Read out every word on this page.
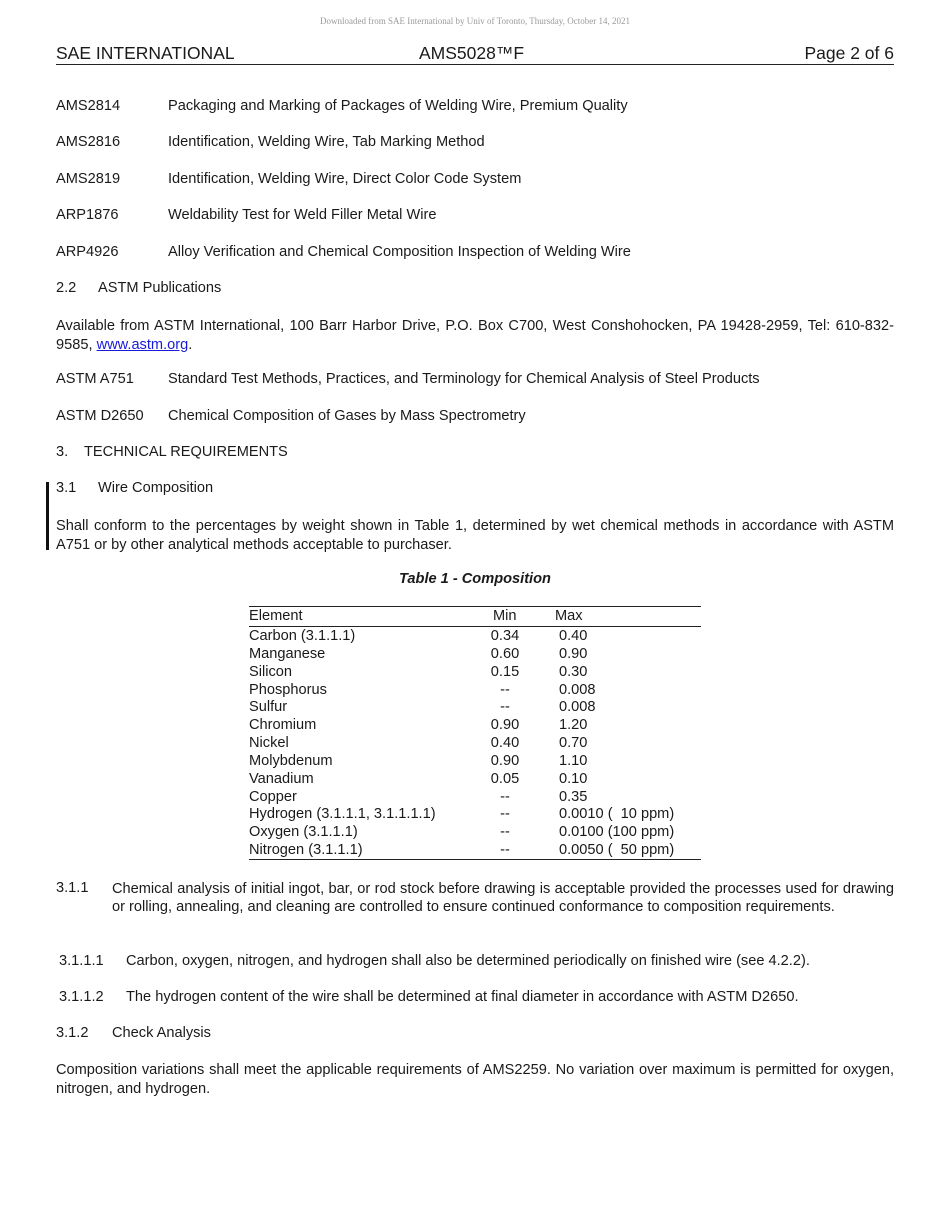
Downloaded from SAE International by Univ of Toronto, Thursday, October 14, 2021
SAE INTERNATIONAL	AMS5028™F	Page 2 of 6
AMS2814	Packaging and Marking of Packages of Welding Wire, Premium Quality
AMS2816	Identification, Welding Wire, Tab Marking Method
AMS2819	Identification, Welding Wire, Direct Color Code System
ARP1876	Weldability Test for Weld Filler Metal Wire
ARP4926	Alloy Verification and Chemical Composition Inspection of Welding Wire
2.2 ASTM Publications
Available from ASTM International, 100 Barr Harbor Drive, P.O. Box C700, West Conshohocken, PA 19428-2959, Tel: 610-832-9585, www.astm.org.
ASTM A751 Standard Test Methods, Practices, and Terminology for Chemical Analysis of Steel Products
ASTM D2650 Chemical Composition of Gases by Mass Spectrometry
3. TECHNICAL REQUIREMENTS
3.1 Wire Composition
Shall conform to the percentages by weight shown in Table 1, determined by wet chemical methods in accordance with ASTM A751 or by other analytical methods acceptable to purchaser.
Table 1 - Composition
Element	Min	Max
Carbon (3.1.1.1)	0.34	0.40
Manganese	0.60	0.90
Silicon	0.15	0.30
Phosphorus	--	0.008
Sulfur	--	0.008
Chromium	0.90	1.20
Nickel	0.40	0.70
Molybdenum	0.90	1.10
Vanadium	0.05	0.10
Copper	--	0.35
Hydrogen (3.1.1.1, 3.1.1.1.1)	--	0.0010 (  10 ppm)
Oxygen (3.1.1.1)	--	0.0100 (100 ppm)
Nitrogen (3.1.1.1)	--	0.0050 (  50 ppm)
3.1.1 Chemical analysis of initial ingot, bar, or rod stock before drawing is acceptable provided the processes used for drawing or rolling, annealing, and cleaning are controlled to ensure continued conformance to composition requirements.
3.1.1.1 Carbon, oxygen, nitrogen, and hydrogen shall also be determined periodically on finished wire (see 4.2.2).
3.1.1.2 The hydrogen content of the wire shall be determined at final diameter in accordance with ASTM D2650.
3.1.2 Check Analysis
Composition variations shall meet the applicable requirements of AMS2259. No variation over maximum is permitted for oxygen, nitrogen, and hydrogen.
